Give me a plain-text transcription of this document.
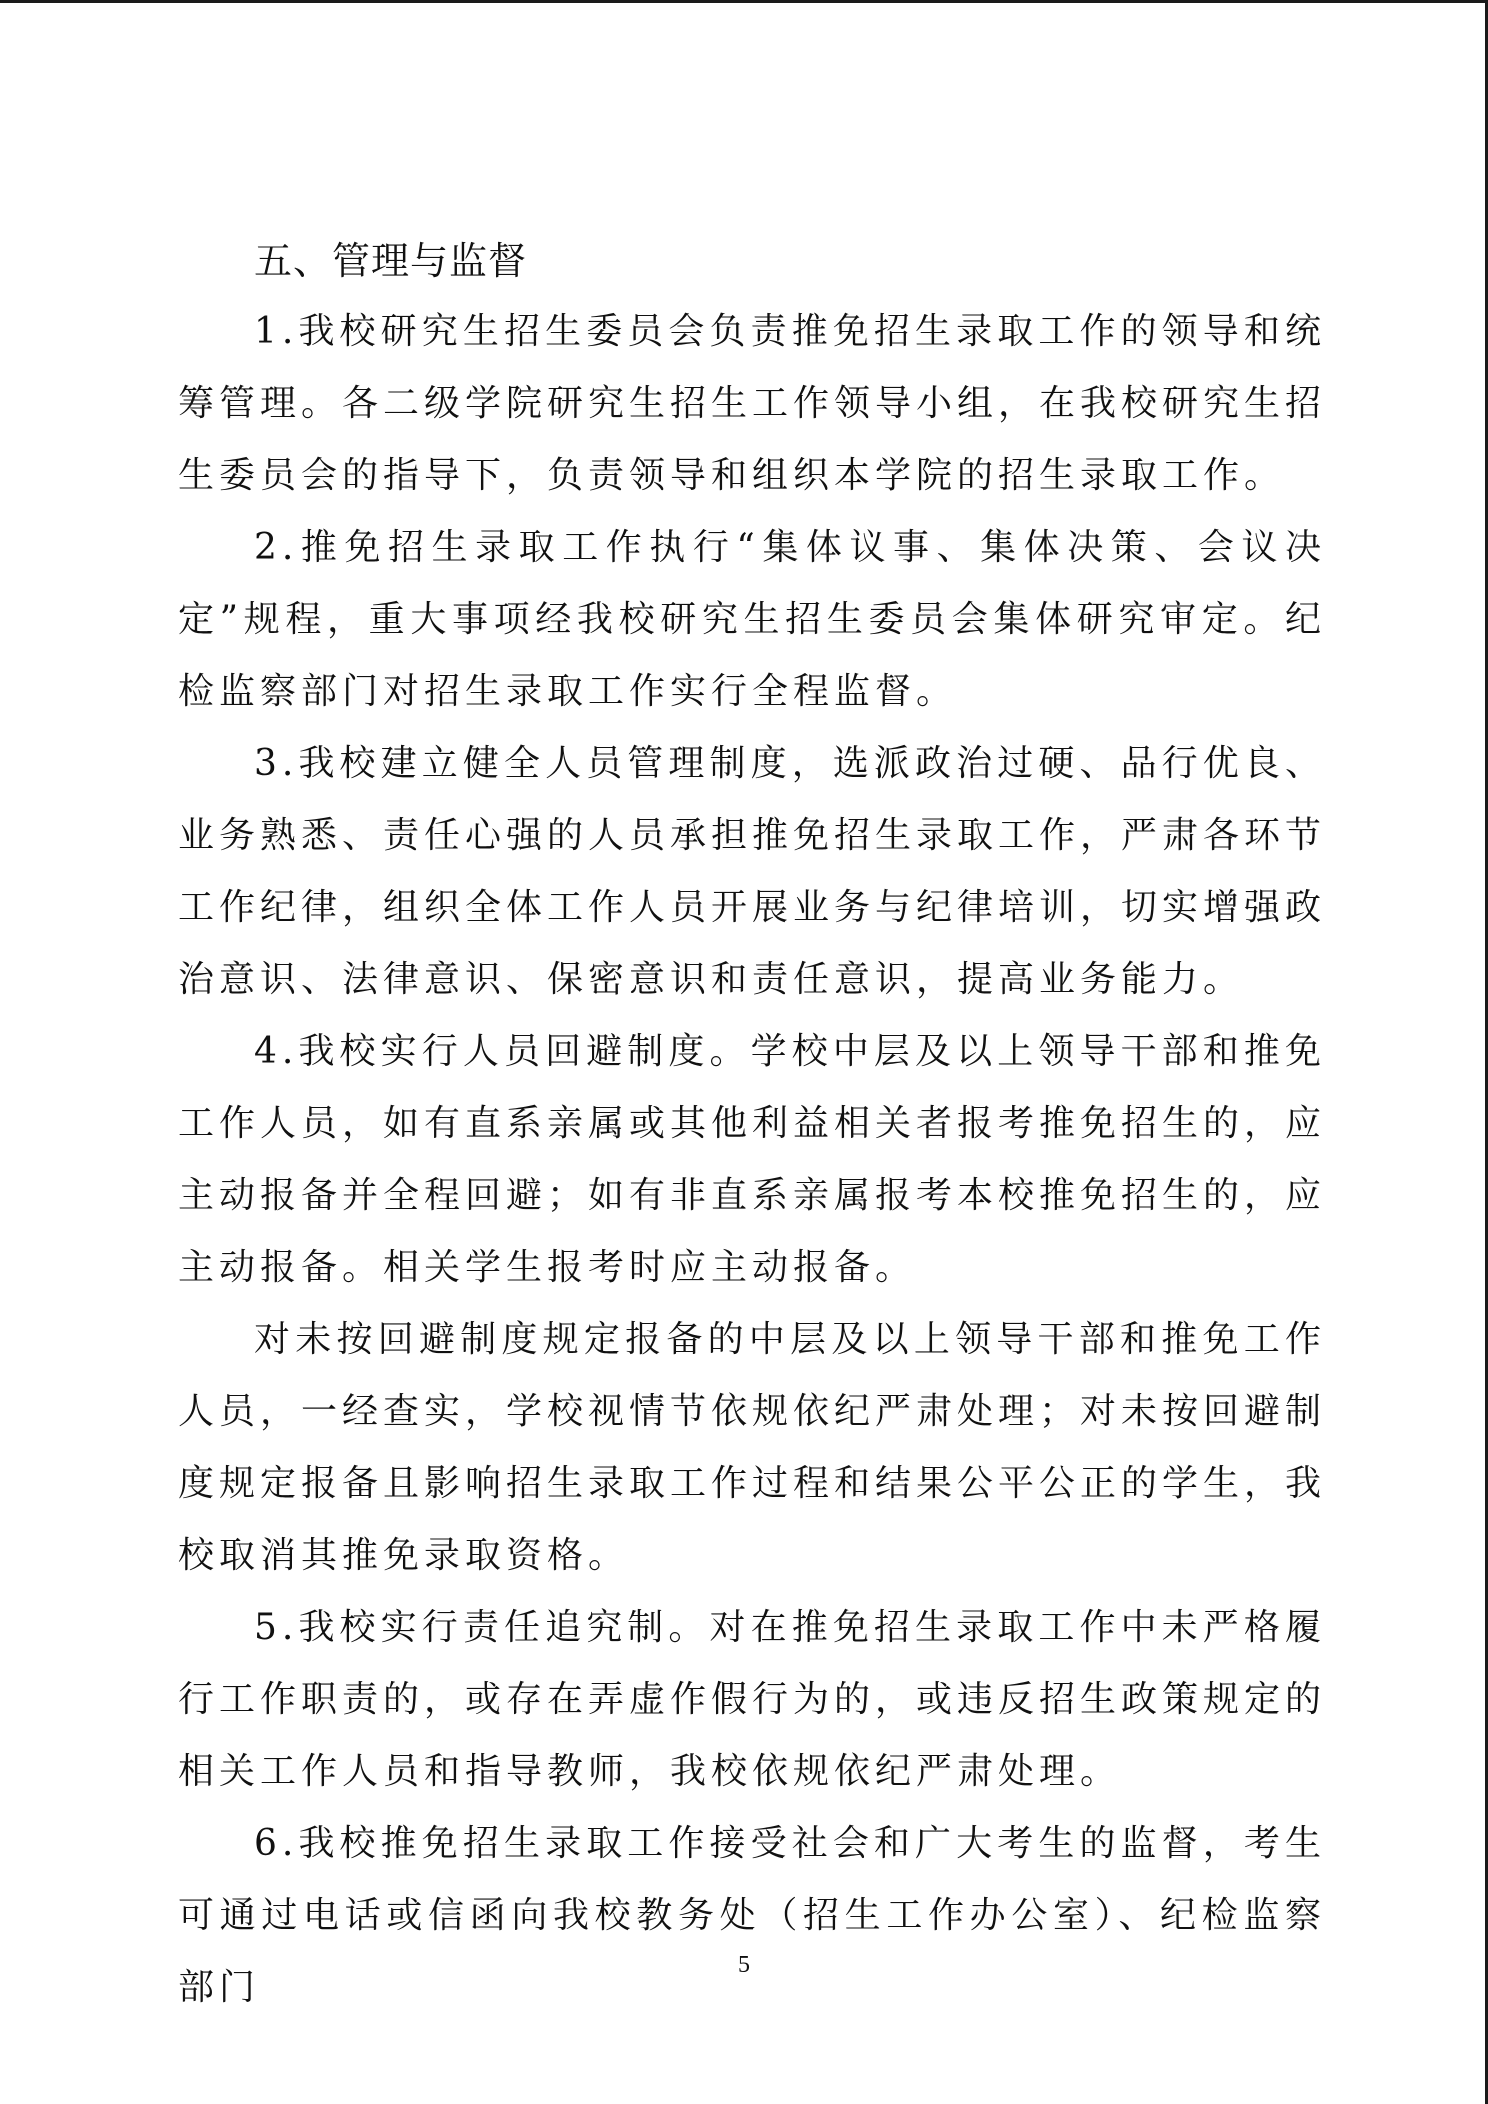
五、管理与监督

1.我校研究生招生委员会负责推免招生录取工作的领导和统筹管理。各二级学院研究生招生工作领导小组，在我校研究生招生委员会的指导下，负责领导和组织本学院的招生录取工作。

2.推免招生录取工作执行“集体议事、集体决策、会议决定”规程，重大事项经我校研究生招生委员会集体研究审定。纪检监察部门对招生录取工作实行全程监督。

3.我校建立健全人员管理制度，选派政治过硬、品行优良、业务熟悉、责任心强的人员承担推免招生录取工作，严肃各环节工作纪律，组织全体工作人员开展业务与纪律培训，切实增强政治意识、法律意识、保密意识和责任意识，提高业务能力。

4.我校实行人员回避制度。学校中层及以上领导干部和推免工作人员，如有直系亲属或其他利益相关者报考推免招生的，应主动报备并全程回避；如有非直系亲属报考本校推免招生的，应主动报备。相关学生报考时应主动报备。

对未按回避制度规定报备的中层及以上领导干部和推免工作人员，一经查实，学校视情节依规依纪严肃处理；对未按回避制度规定报备且影响招生录取工作过程和结果公平公正的学生，我校取消其推免录取资格。

5.我校实行责任追究制。对在推免招生录取工作中未严格履行工作职责的，或存在弄虚作假行为的，或违反招生政策规定的相关工作人员和指导教师，我校依规依纪严肃处理。

6.我校推免招生录取工作接受社会和广大考生的监督，考生可通过电话或信函向我校教务处（招生工作办公室）、纪检监察部门

5
